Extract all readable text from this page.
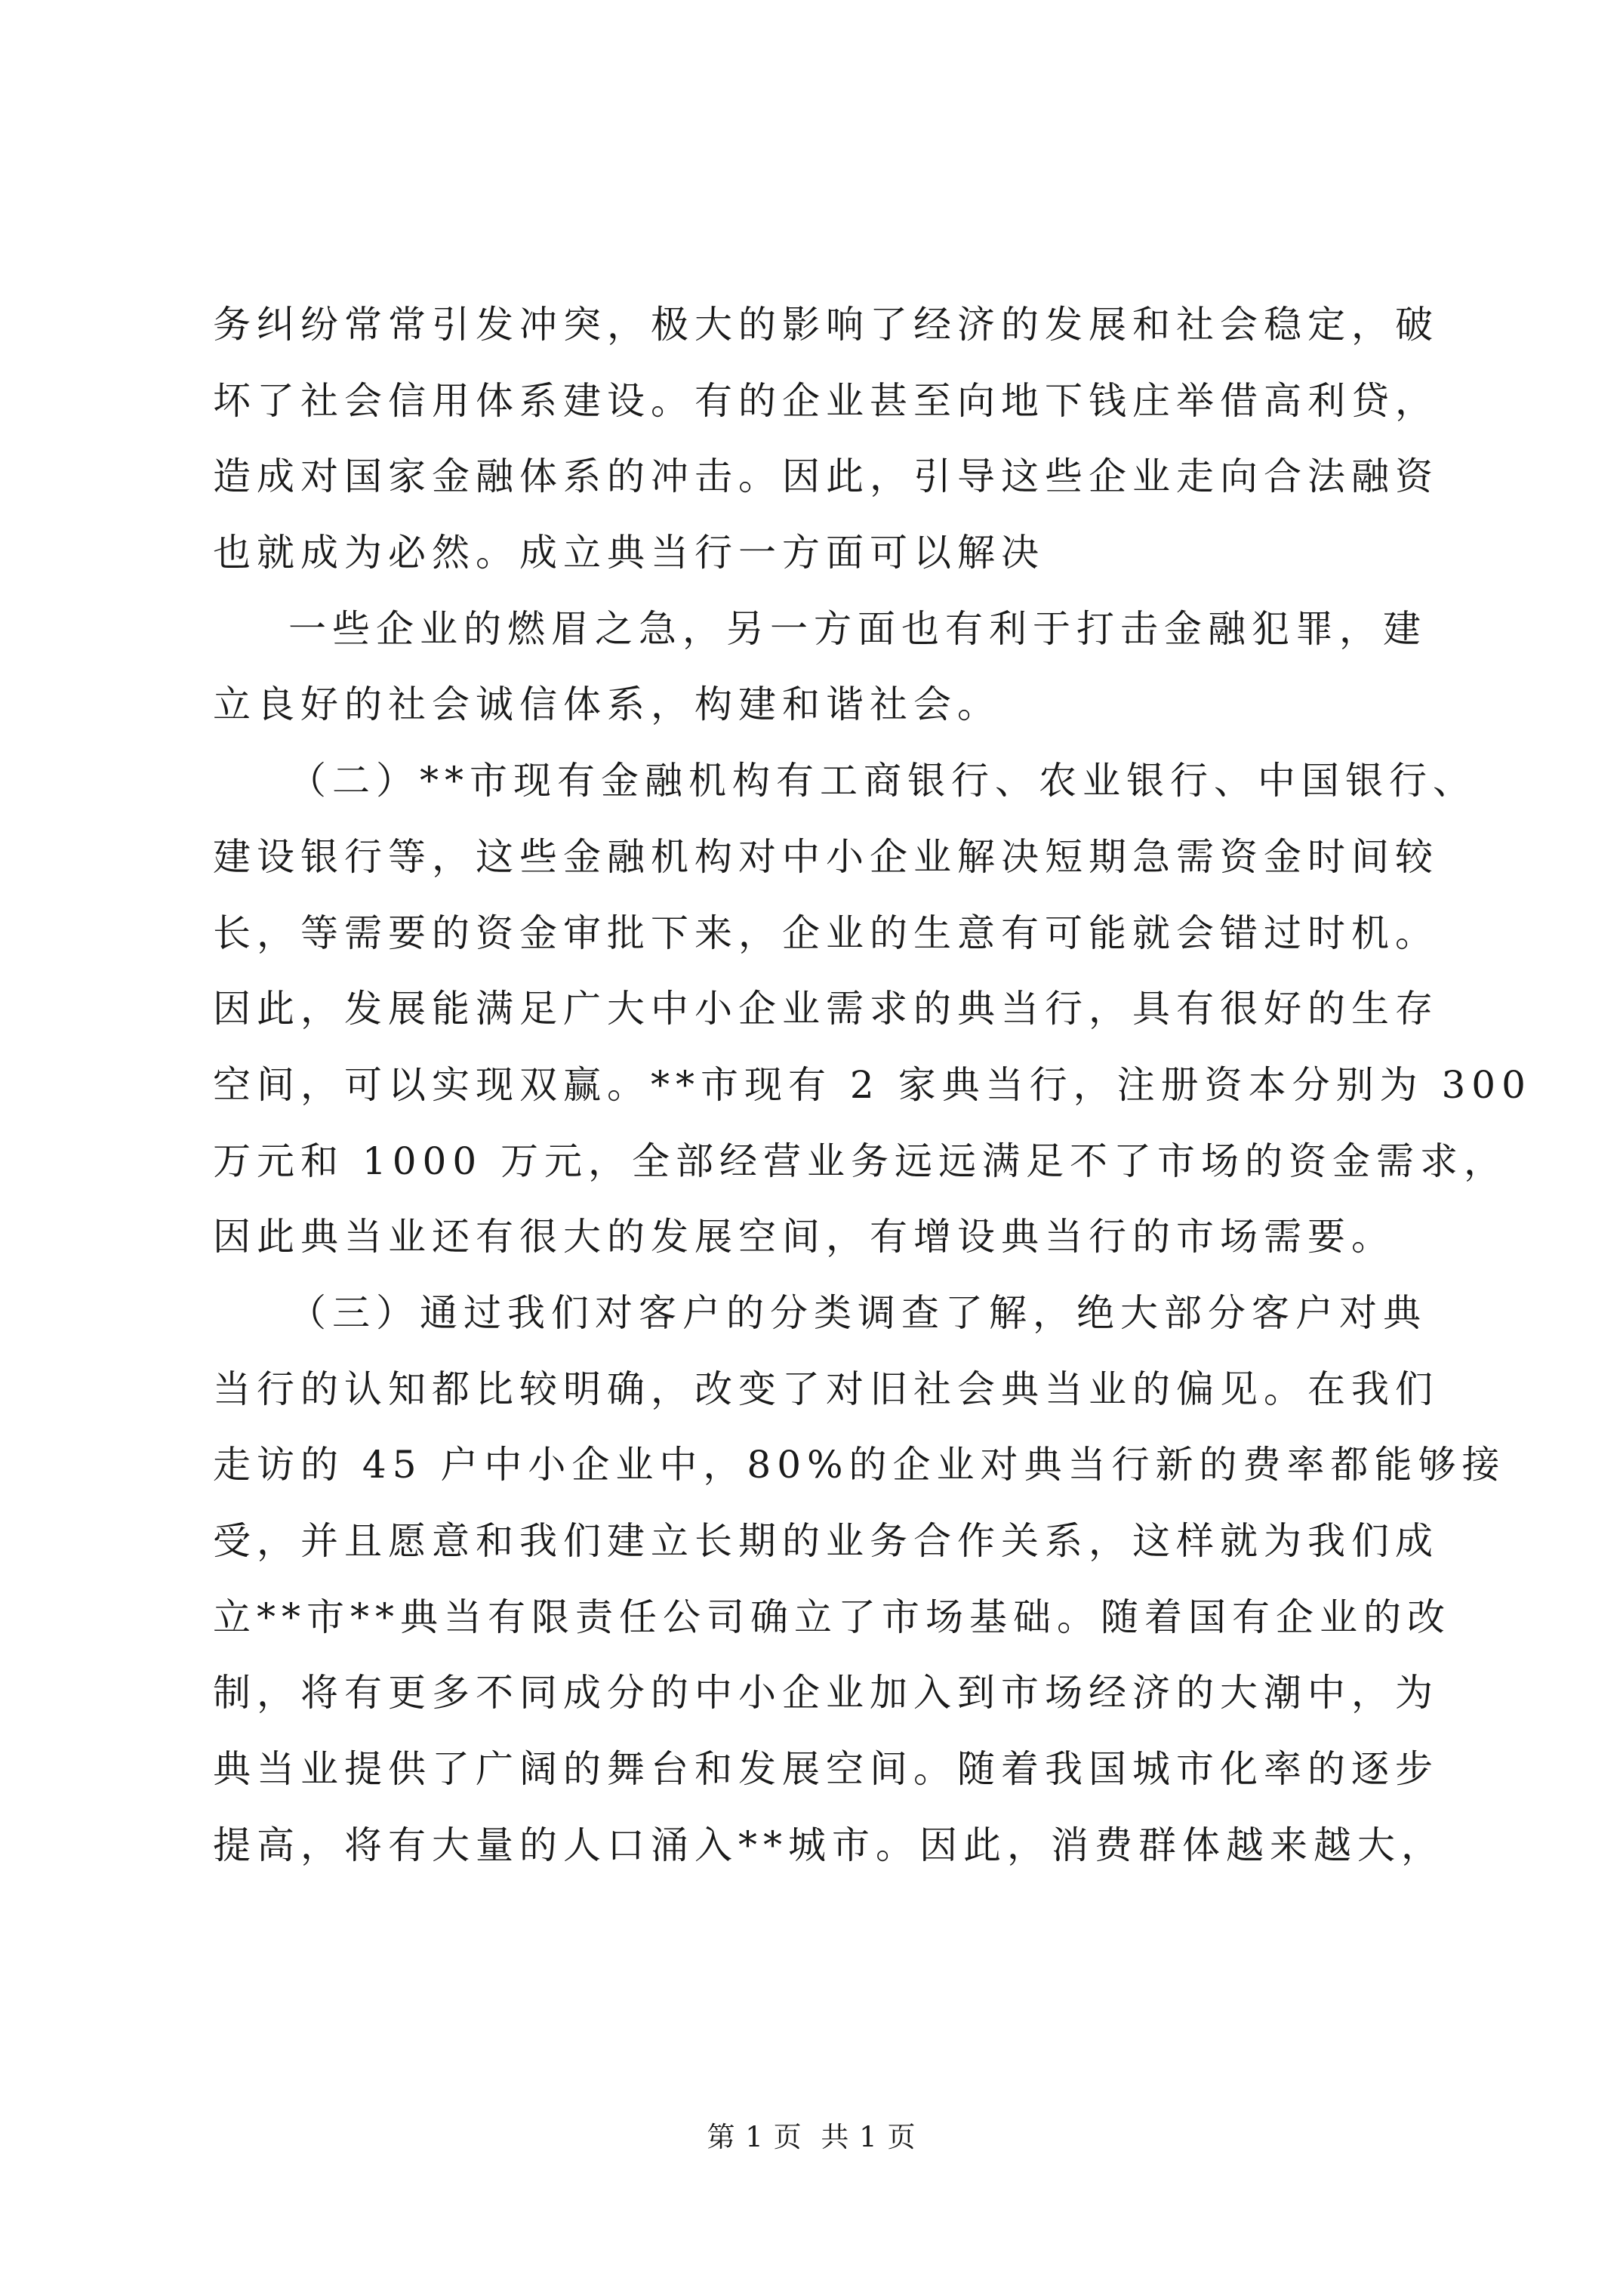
务纠纷常常引发冲突，极大的影响了经济的发展和社会稳定，破
坏了社会信用体系建设。有的企业甚至向地下钱庄举借高利贷，
造成对国家金融体系的冲击。因此，引导这些企业走向合法融资
也就成为必然。成立典当行一方面可以解决

一些企业的燃眉之急，另一方面也有利于打击金融犯罪，建
立良好的社会诚信体系，构建和谐社会。

（二）**市现有金融机构有工商银行、农业银行、中国银行、
建设银行等，这些金融机构对中小企业解决短期急需资金时间较
长，等需要的资金审批下来，企业的生意有可能就会错过时机。
因此，发展能满足广大中小企业需求的典当行，具有很好的生存
空间，可以实现双赢。**市现有 2 家典当行，注册资本分别为 300
万元和 1000 万元，全部经营业务远远满足不了市场的资金需求，
因此典当业还有很大的发展空间，有增设典当行的市场需要。

（三）通过我们对客户的分类调查了解，绝大部分客户对典
当行的认知都比较明确，改变了对旧社会典当业的偏见。在我们
走访的 45 户中小企业中，80%的企业对典当行新的费率都能够接
受，并且愿意和我们建立长期的业务合作关系，这样就为我们成
立**市**典当有限责任公司确立了市场基础。随着国有企业的改
制，将有更多不同成分的中小企业加入到市场经济的大潮中，为
典当业提供了广阔的舞台和发展空间。随着我国城市化率的逐步
提高，将有大量的人口涌入**城市。因此，消费群体越来越大，

第 1 页 共 1 页
